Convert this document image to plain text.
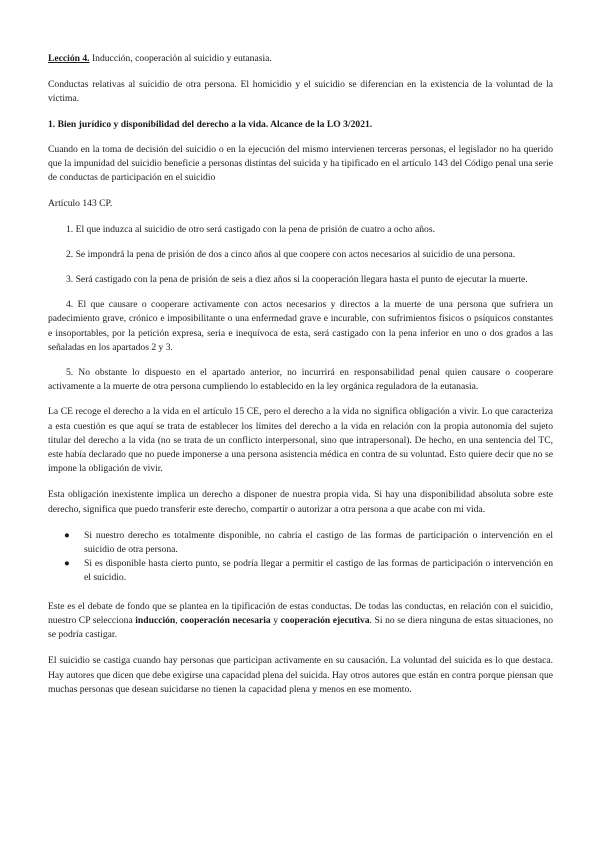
Lección 4. Inducción, cooperación al suicidio y eutanasia.

Conductas relativas al suicidio de otra persona. El homicidio y el suicidio se diferencian en la existencia de la voluntad de la víctima.

1. Bien jurídico y disponibilidad del derecho a la vida. Alcance de la LO 3/2021.

Cuando en la toma de decisión del suicidio o en la ejecución del mismo intervienen terceras personas, el legislador no ha querido que la impunidad del suicidio beneficie a personas distintas del suicida y ha tipificado en el artículo 143 del Código penal una serie de conductas de participación en el suicidio

Artículo 143 CP.

1. El que induzca al suicidio de otro será castigado con la pena de prisión de cuatro a ocho años.

2. Se impondrá la pena de prisión de dos a cinco años al que coopere con actos necesarios al suicidio de una persona.

3. Será castigado con la pena de prisión de seis a diez años si la cooperación llegara hasta el punto de ejecutar la muerte.

4. El que causare o cooperare activamente con actos necesarios y directos a la muerte de una persona que sufriera un padecimiento grave, crónico e imposibilitante o una enfermedad grave e incurable, con sufrimientos físicos o psíquicos constantes e insoportables, por la petición expresa, seria e inequívoca de esta, será castigado con la pena inferior en uno o dos grados a las señaladas en los apartados 2 y 3.

5. No obstante lo dispuesto en el apartado anterior, no incurrirá en responsabilidad penal quien causare o cooperare activamente a la muerte de otra persona cumpliendo lo establecido en la ley orgánica reguladora de la eutanasia.

La CE recoge el derecho a la vida en el artículo 15 CE, pero el derecho a la vida no significa obligación a vivir. Lo que caracteriza a esta cuestión es que aquí se trata de establecer los límites del derecho a la vida en relación con la propia autonomía del sujeto titular del derecho a la vida (no se trata de un conflicto interpersonal, sino que intrapersonal). De hecho, en una sentencia del TC, este había declarado que no puede imponerse a una persona asistencia médica en contra de su voluntad. Esto quiere decir que no se impone la obligación de vivir.

Esta obligación inexistente implica un derecho a disponer de nuestra propia vida. Si hay una disponibilidad absoluta sobre este derecho, significa que puedo transferir este derecho, compartir o autorizar a otra persona a que acabe con mi vida.

● Si nuestro derecho es totalmente disponible, no cabría el castigo de las formas de participación o intervención en el suicidio de otra persona.
● Si es disponible hasta cierto punto, se podría llegar a permitir el castigo de las formas de participación o intervención en el suicidio.

Este es el debate de fondo que se plantea en la tipificación de estas conductas. De todas las conductas, en relación con el suicidio, nuestro CP selecciona inducción, cooperación necesaria y cooperación ejecutiva. Si no se diera ninguna de estas situaciones, no se podría castigar.

El suicidio se castiga cuando hay personas que participan activamente en su causación. La voluntad del suicida es lo que destaca. Hay autores que dicen que debe exigirse una capacidad plena del suicida. Hay otros autores que están en contra porque piensan que muchas personas que desean suicidarse no tienen la capacidad plena y menos en ese momento.
